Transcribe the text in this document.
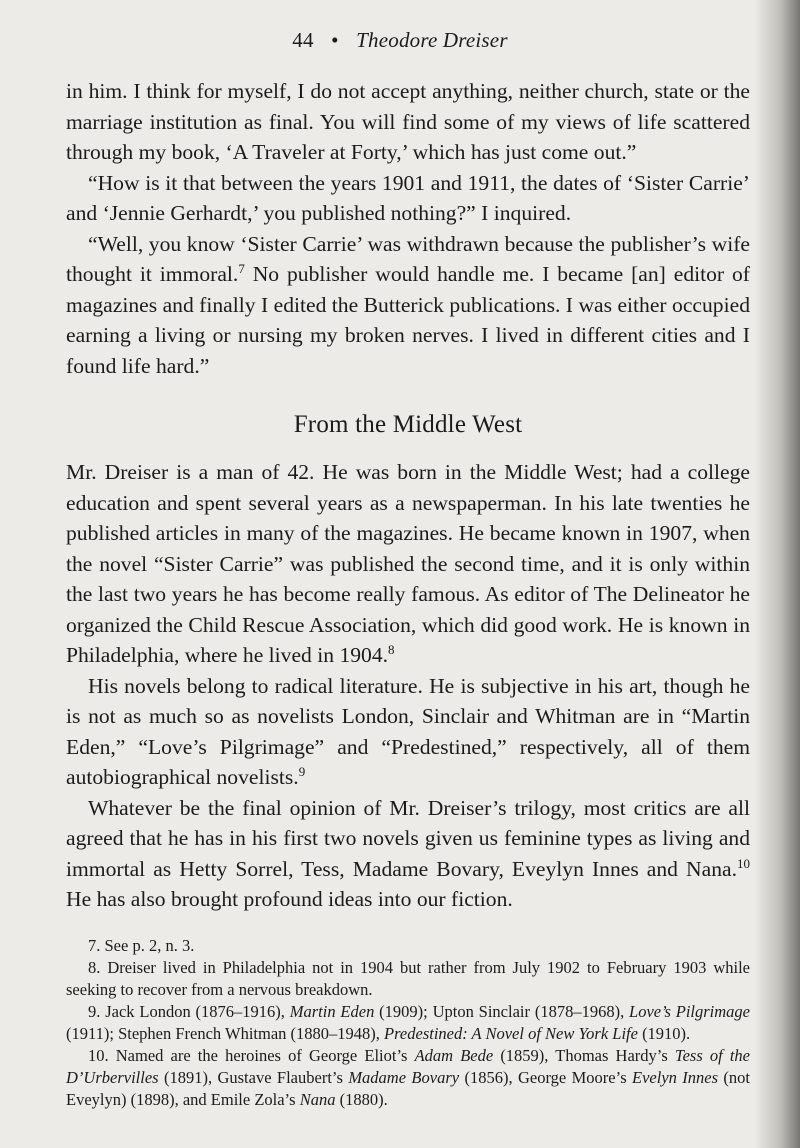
44 • Theodore Dreiser

in him. I think for myself, I do not accept anything, neither church, state or the marriage institution as final. You will find some of my views of life scattered through my book, ‘A Traveler at Forty,’ which has just come out.”

“How is it that between the years 1901 and 1911, the dates of ‘Sister Carrie’ and ‘Jennie Gerhardt,’ you published nothing?” I inquired.

“Well, you know ‘Sister Carrie’ was withdrawn because the publisher’s wife thought it immoral.$^7$ No publisher would handle me. I became [an] editor of magazines and finally I edited the Butterick publications. I was either occupied earning a living or nursing my broken nerves. I lived in different cities and I found life hard.”

From the Middle West

Mr. Dreiser is a man of 42. He was born in the Middle West; had a college education and spent several years as a newspaperman. In his late twenties he published articles in many of the magazines. He became known in 1907, when the novel “Sister Carrie” was published the second time, and it is only within the last two years he has become really famous. As editor of The Delineator he organized the Child Rescue Association, which did good work. He is known in Philadelphia, where he lived in 1904.$^8$

His novels belong to radical literature. He is subjective in his art, though he is not as much so as novelists London, Sinclair and Whitman are in “Martin Eden,” “Love’s Pilgrimage” and “Predestined,” respectively, all of them autobiographical novelists.$^9$

Whatever be the final opinion of Mr. Dreiser’s trilogy, most critics are all agreed that he has in his first two novels given us feminine types as living and immortal as Hetty Sorrel, Tess, Madame Bovary, Eveylyn Innes and Nana.$^{10}$ He has also brought profound ideas into our fiction.

7. See p. 2, n. 3.

8. Dreiser lived in Philadelphia not in 1904 but rather from July 1902 to February 1903 while seeking to recover from a nervous breakdown.

9. Jack London (1876–1916), Martin Eden (1909); Upton Sinclair (1878–1968), Love’s Pilgrimage (1911); Stephen French Whitman (1880–1948), Predestined: A Novel of New York Life (1910).

10. Named are the heroines of George Eliot’s Adam Bede (1859), Thomas Hardy’s Tess of the D’Urbervilles (1891), Gustave Flaubert’s Madame Bovary (1856), George Moore’s Evelyn Innes (not Eveylyn) (1898), and Emile Zola’s Nana (1880).
